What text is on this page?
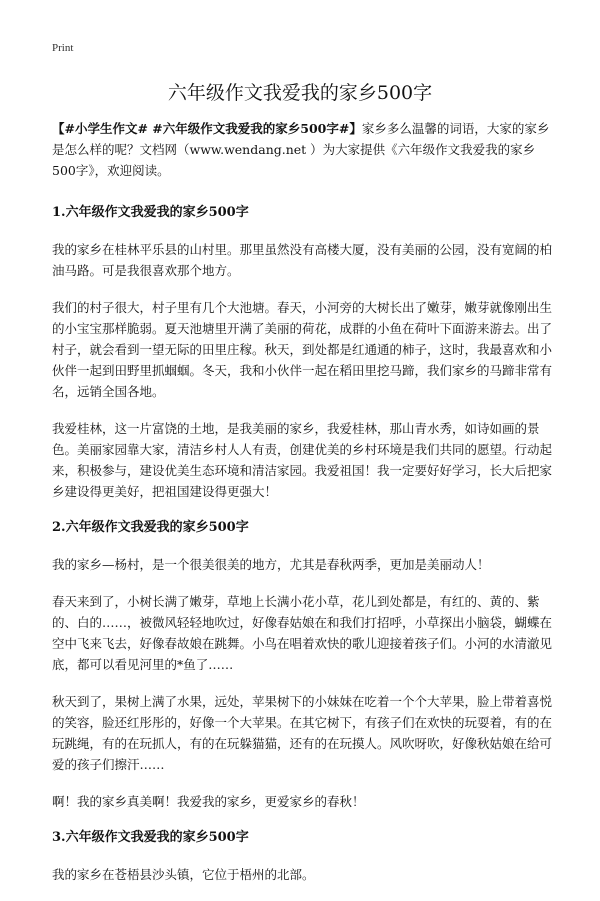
Print
六年级作文我爱我的家乡500字

【#小学生作文# #六年级作文我爱我的家乡500字#】家乡多么温馨的词语，大家的家乡是怎么样的呢？文档网（www.wendang.net ）为大家提供《六年级作文我爱我的家乡500字》，欢迎阅读。

1.六年级作文我爱我的家乡500字

我的家乡在桂林平乐县的山村里。那里虽然没有高楼大厦，没有美丽的公园，没有宽阔的柏油马路。可是我很喜欢那个地方。

我们的村子很大，村子里有几个大池塘。春天，小河旁的大树长出了嫩芽，嫩芽就像刚出生的小宝宝那样脆弱。夏天池塘里开满了美丽的荷花，成群的小鱼在荷叶下面游来游去。出了村子，就会看到一望无际的田里庄稼。秋天，到处都是红通通的柿子，这时，我最喜欢和小伙伴一起到田野里抓蝈蝈。冬天，我和小伙伴一起在稻田里挖马蹄，我们家乡的马蹄非常有名，远销全国各地。

我爱桂林，这一片富饶的土地，是我美丽的家乡，我爱桂林，那山青水秀，如诗如画的景色。美丽家园靠大家，清洁乡村人人有责，创建优美的乡村环境是我们共同的愿望。行动起来，积极参与，建设优美生态环境和清洁家园。我爱祖国！我一定要好好学习，长大后把家乡建设得更美好，把祖国建设得更强大！

2.六年级作文我爱我的家乡500字

我的家乡—杨村，是一个很美很美的地方，尤其是春秋两季，更加是美丽动人！

春天来到了，小树长满了嫩芽，草地上长满小花小草，花儿到处都是，有红的、黄的、紫的、白的……，被微风轻轻地吹过，好像春姑娘在和我们打招呼，小草探出小脑袋，蝴蝶在空中飞来飞去，好像春故娘在跳舞。小鸟在唱着欢快的歌儿迎接着孩子们。小河的水清澈见底，都可以看见河里的*鱼了……

秋天到了，果树上满了水果，远处，苹果树下的小妹妹在吃着一个个大苹果，脸上带着喜悦的笑容，脸还红彤彤的，好像一个大苹果。在其它树下，有孩子们在欢快的玩耍着，有的在玩跳绳，有的在玩抓人，有的在玩躲猫猫，还有的在玩摸人。风吹呀吹，好像秋姑娘在给可爱的孩子们擦汗……

啊！我的家乡真美啊！我爱我的家乡，更爱家乡的春秋！

3.六年级作文我爱我的家乡500字

我的家乡在苍梧县沙头镇，它位于梧州的北部。
